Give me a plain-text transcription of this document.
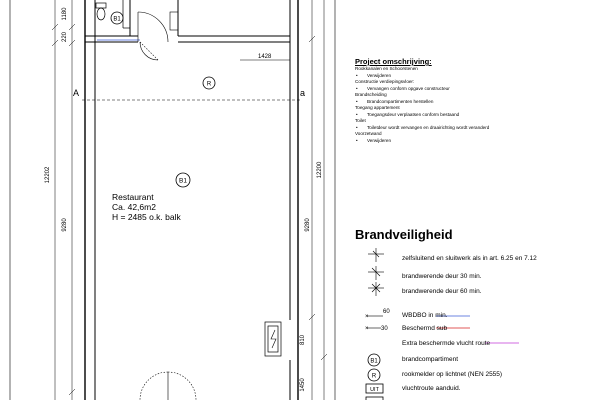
1180
220
12202
9280
1428
B1
A	a
R
B1
Restaurant
Ca. 42,6m2
H = 2485 o.k. balk
12200
9280
810
1450
×
60
× 30
B1
R
UIT
Project omschrijving:
Rookkanalen en Schoorstenen
• Verwijderen
Constructie verdiepingsvloer:
• Vervangen conform opgave constructeur
Brandscheiding
• Brandcompartimenten herstellen
Toegang appartement
• Toegangsdeur verplaatsen conform bestaand
Toilet
• Toiletdeur wordt vervangen en draairichting wordt veranderd
Voorzetwand
• Verwijderen
Brandveiligheid
zelfsluitend en sluitwerk als in art. 6.25 en 7.12
brandwerende deur 30 min.
brandwerende deur 60 min.
WBDBO in min.
Beschermd sub
Extra beschermde vlucht route
brandcompartiment
rookmelder op lichtnet (NEN 2555)
vluchtroute aanduid.
